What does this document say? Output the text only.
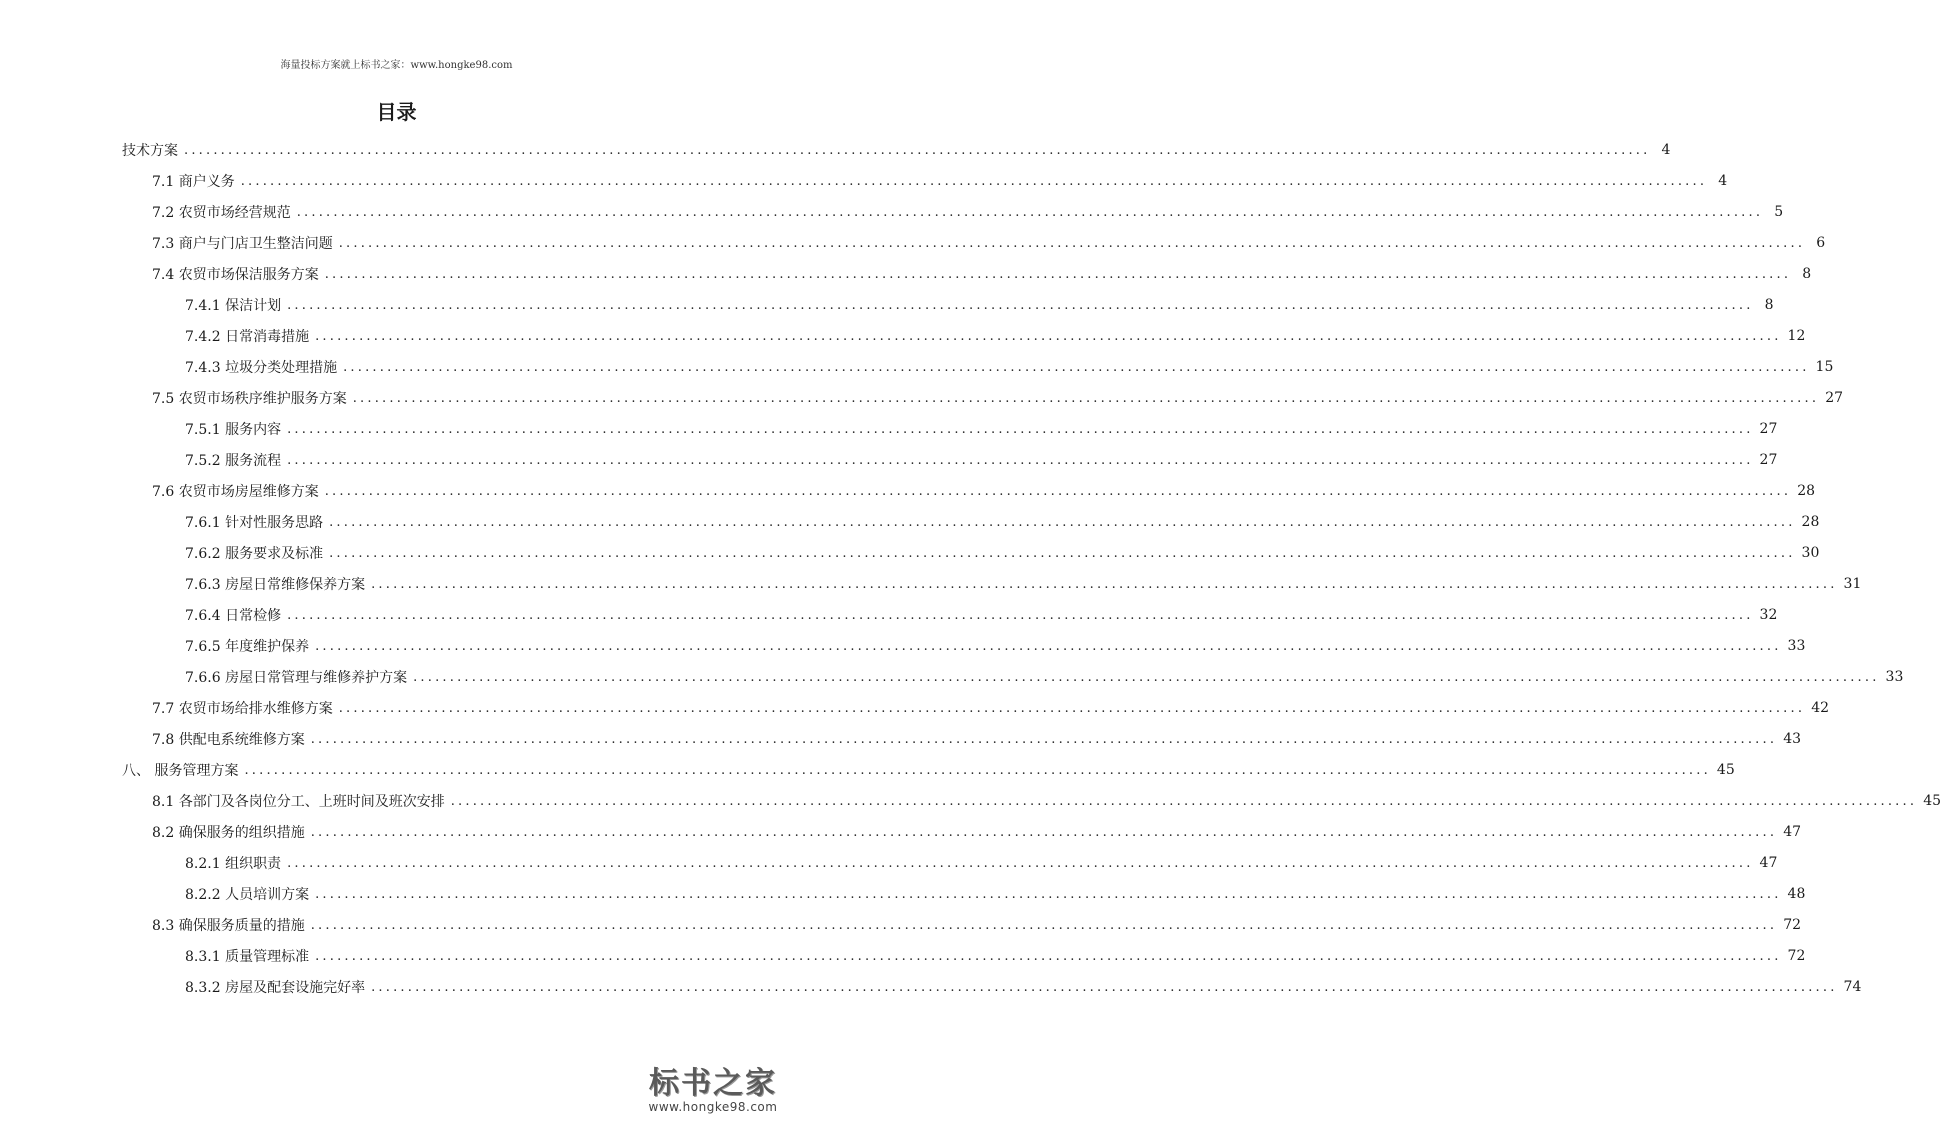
海量投标方案就上标书之家：www.hongke98.com
目录
技术方案 ........................................................................................................................................................................................................ 4
7.1 商户义务 ........................................................................................................................................................................................................ 4
7.2 农贸市场经营规范 ........................................................................................................................................................................................................ 5
7.3 商户与门店卫生整洁问题 ........................................................................................................................................................................................................ 6
7.4 农贸市场保洁服务方案 ........................................................................................................................................................................................................ 8
7.4.1 保洁计划 ........................................................................................................................................................................................................ 8
7.4.2 日常消毒措施 ........................................................................................................................................................................................................ 12
7.4.3 垃圾分类处理措施 ........................................................................................................................................................................................................ 15
7.5 农贸市场秩序维护服务方案 ........................................................................................................................................................................................................ 27
7.5.1 服务内容 ........................................................................................................................................................................................................ 27
7.5.2 服务流程 ........................................................................................................................................................................................................ 27
7.6 农贸市场房屋维修方案 ........................................................................................................................................................................................................ 28
7.6.1 针对性服务思路 ........................................................................................................................................................................................................ 28
7.6.2 服务要求及标准 ........................................................................................................................................................................................................ 30
7.6.3 房屋日常维修保养方案 ........................................................................................................................................................................................................ 31
7.6.4 日常检修 ........................................................................................................................................................................................................ 32
7.6.5 年度维护保养 ........................................................................................................................................................................................................ 33
7.6.6 房屋日常管理与维修养护方案 ........................................................................................................................................................................................................ 33
7.7 农贸市场给排水维修方案 ........................................................................................................................................................................................................ 42
7.8 供配电系统维修方案 ........................................................................................................................................................................................................ 43
八、 服务管理方案 ........................................................................................................................................................................................................ 45
8.1 各部门及各岗位分工、上班时间及班次安排 ........................................................................................................................................................................................................ 45
8.2 确保服务的组织措施 ........................................................................................................................................................................................................ 47
8.2.1 组织职责 ........................................................................................................................................................................................................ 47
8.2.2 人员培训方案 ........................................................................................................................................................................................................ 48
8.3 确保服务质量的措施 ........................................................................................................................................................................................................ 72
8.3.1 质量管理标准 ........................................................................................................................................................................................................ 72
8.3.2 房屋及配套设施完好率 ........................................................................................................................................................................................................ 74
标书之家
www.hongke98.com
